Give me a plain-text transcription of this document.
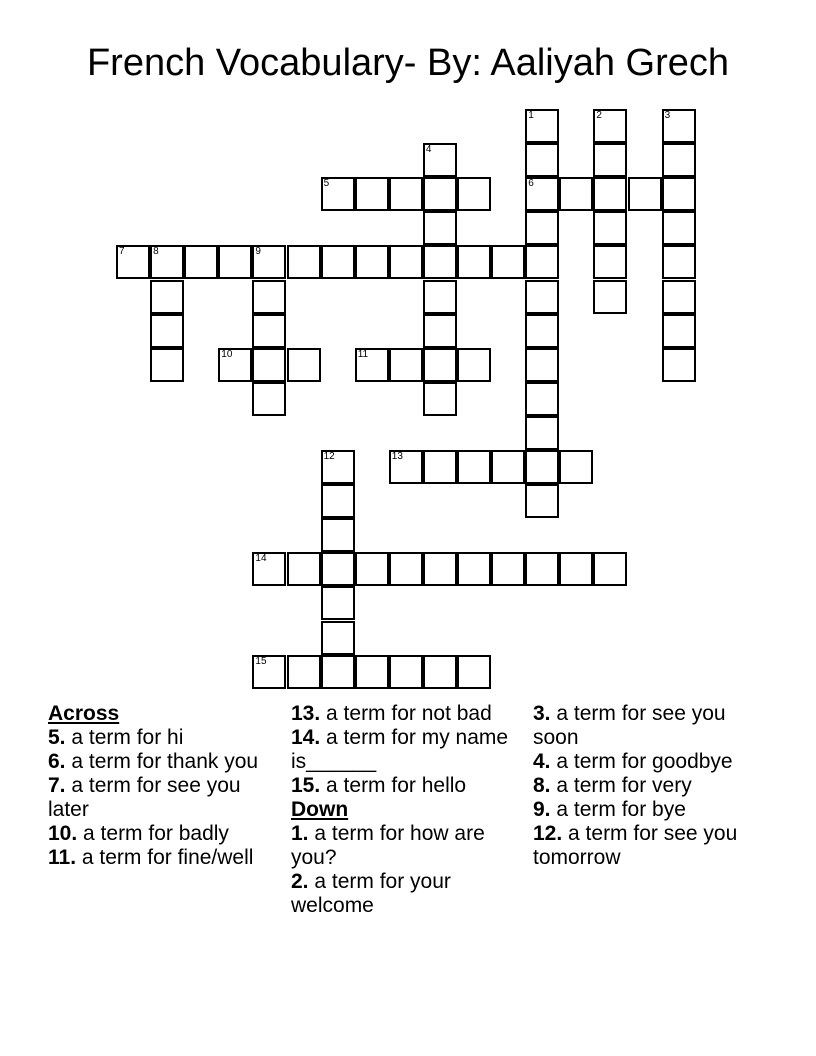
French Vocabulary- By: Aaliyah Grech
1
6
2	3
4
5
7	8	9
10	11
12	13
14
15

Across

5. a term for hi

6. a term for thank you

7. a term for see you later

10. a term for badly

11. a term for fine/well

13. a term for not bad

14. a term for my name is______

15. a term for hello

Down

1. a term for how are you?

2. a term for your welcome

3. a term for see you soon

4. a term for goodbye

8. a term for very

9. a term for bye

12. a term for see you tomorrow
